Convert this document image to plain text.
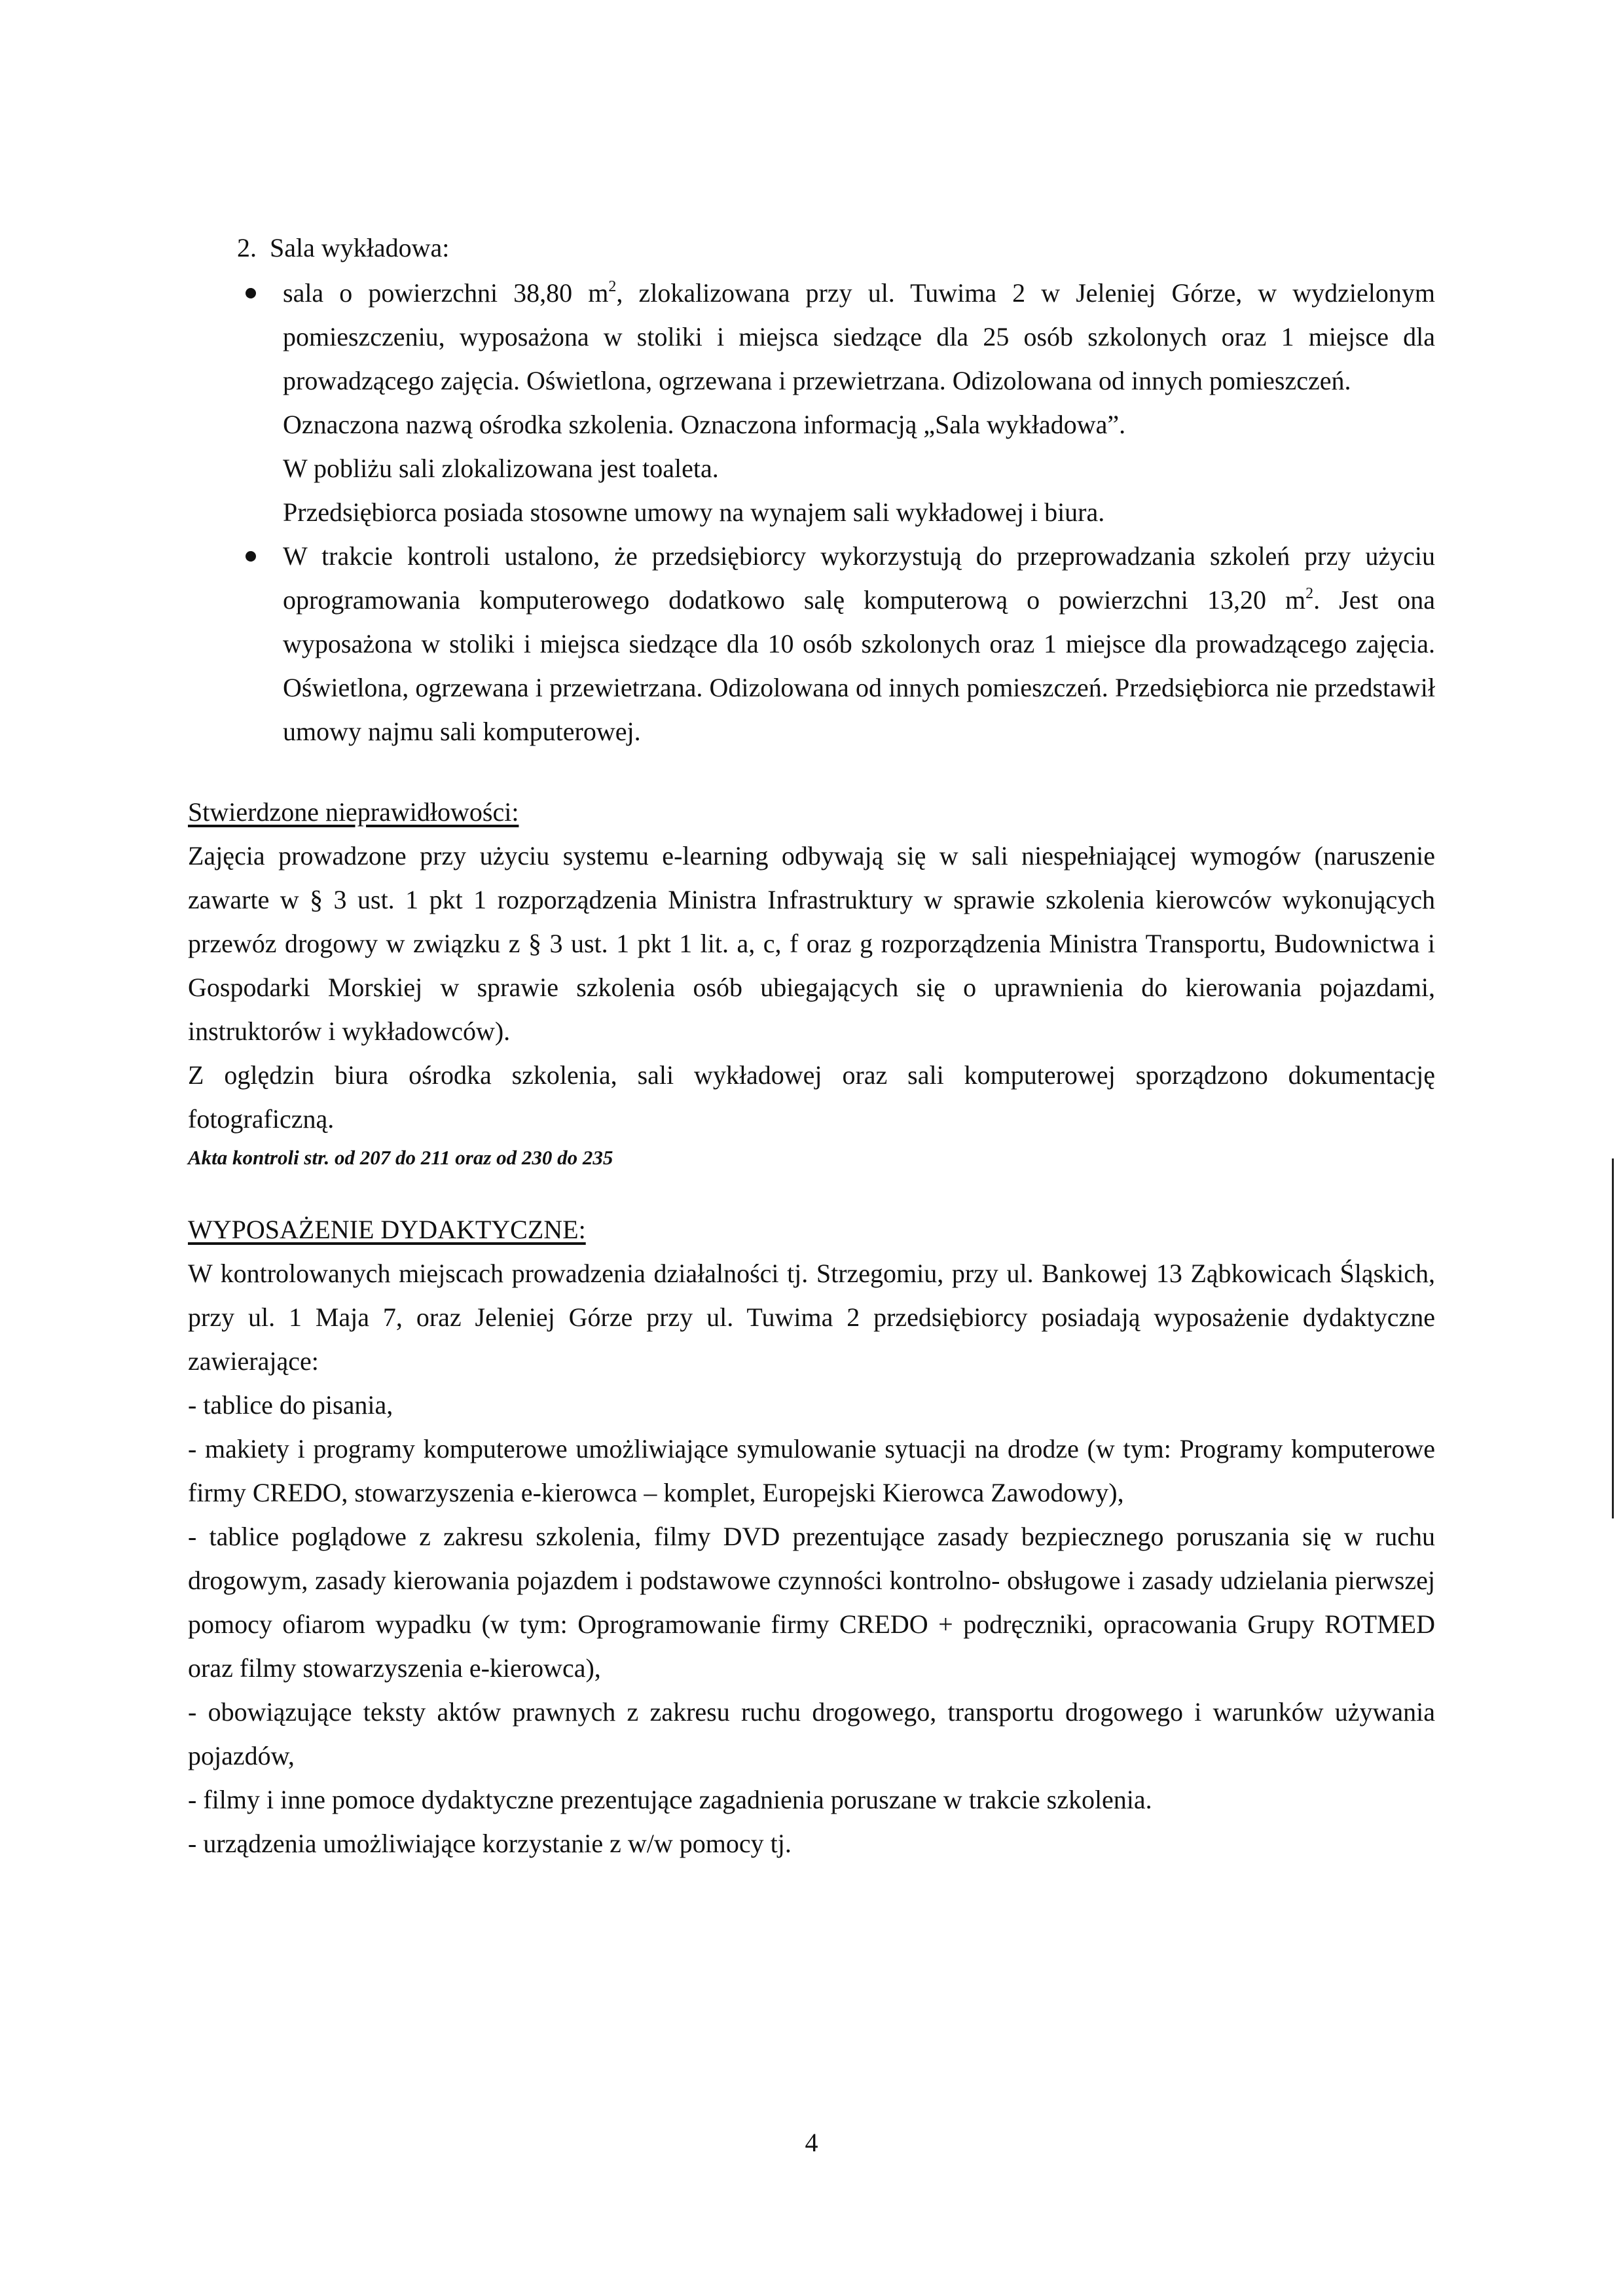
2. Sala wykładowa:

sala o powierzchni 38,80 $m^2$, zlokalizowana przy ul. Tuwima 2 w Jeleniej Górze, w wydzielonym pomieszczeniu, wyposażona w stoliki i miejsca siedzące dla 25 osób szkolonych oraz 1 miejsce dla prowadzącego zajęcia. Oświetlona, ogrzewana i przewietrzana. Odizolowana od innych pomieszczeń.

Oznaczona nazwą ośrodka szkolenia. Oznaczona informacją „Sala wykładowa”.
W pobliżu sali zlokalizowana jest toaleta.
Przedsiębiorca posiada stosowne umowy na wynajem sali wykładowej i biura.

W trakcie kontroli ustalono, że przedsiębiorcy wykorzystują do przeprowadzania szkoleń przy użyciu oprogramowania komputerowego dodatkowo salę komputerową o powierzchni 13,20 $m^2$. Jest ona wyposażona w stoliki i miejsca siedzące dla 10 osób szkolonych oraz 1 miejsce dla prowadzącego zajęcia. Oświetlona, ogrzewana i przewietrzana. Odizolowana od innych pomieszczeń. Przedsiębiorca nie przedstawił umowy najmu sali komputerowej.

Stwierdzone nieprawidłowości:

Zajęcia prowadzone przy użyciu systemu e-learning odbywają się w sali niespełniającej wymogów (naruszenie zawarte w § 3 ust. 1 pkt 1 rozporządzenia Ministra Infrastruktury w sprawie szkolenia kierowców wykonujących przewóz drogowy w związku z § 3 ust. 1 pkt 1 lit. a, c, f oraz g rozporządzenia Ministra Transportu, Budownictwa i Gospodarki Morskiej w sprawie szkolenia osób ubiegających się o uprawnienia do kierowania pojazdami, instruktorów i wykładowców).

Z oględzin biura ośrodka szkolenia, sali wykładowej oraz sali komputerowej sporządzono dokumentację fotograficzną.

Akta kontroli str. od 207 do 211 oraz od 230 do 235

WYPOSAŻENIE DYDAKTYCZNE:

W kontrolowanych miejscach prowadzenia działalności tj. Strzegomiu, przy ul. Bankowej 13 Ząbkowicach Śląskich, przy ul. 1 Maja 7, oraz Jeleniej Górze przy ul. Tuwima 2 przedsiębiorcy posiadają wyposażenie dydaktyczne zawierające:

- tablice do pisania,

- makiety i programy komputerowe umożliwiające symulowanie sytuacji na drodze (w tym: Programy komputerowe firmy CREDO, stowarzyszenia e-kierowca – komplet, Europejski Kierowca Zawodowy),

- tablice poglądowe z zakresu szkolenia, filmy DVD prezentujące zasady bezpiecznego poruszania się w ruchu drogowym, zasady kierowania pojazdem i podstawowe czynności kontrolno- obsługowe i zasady udzielania pierwszej pomocy ofiarom wypadku (w tym: Oprogramowanie firmy CREDO + podręczniki, opracowania Grupy ROTMED oraz filmy stowarzyszenia e-kierowca),

- obowiązujące teksty aktów prawnych z zakresu ruchu drogowego, transportu drogowego i warunków używania pojazdów,

- filmy i inne pomoce dydaktyczne prezentujące zagadnienia poruszane w trakcie szkolenia.

- urządzenia umożliwiające korzystanie z w/w pomocy tj.

4
